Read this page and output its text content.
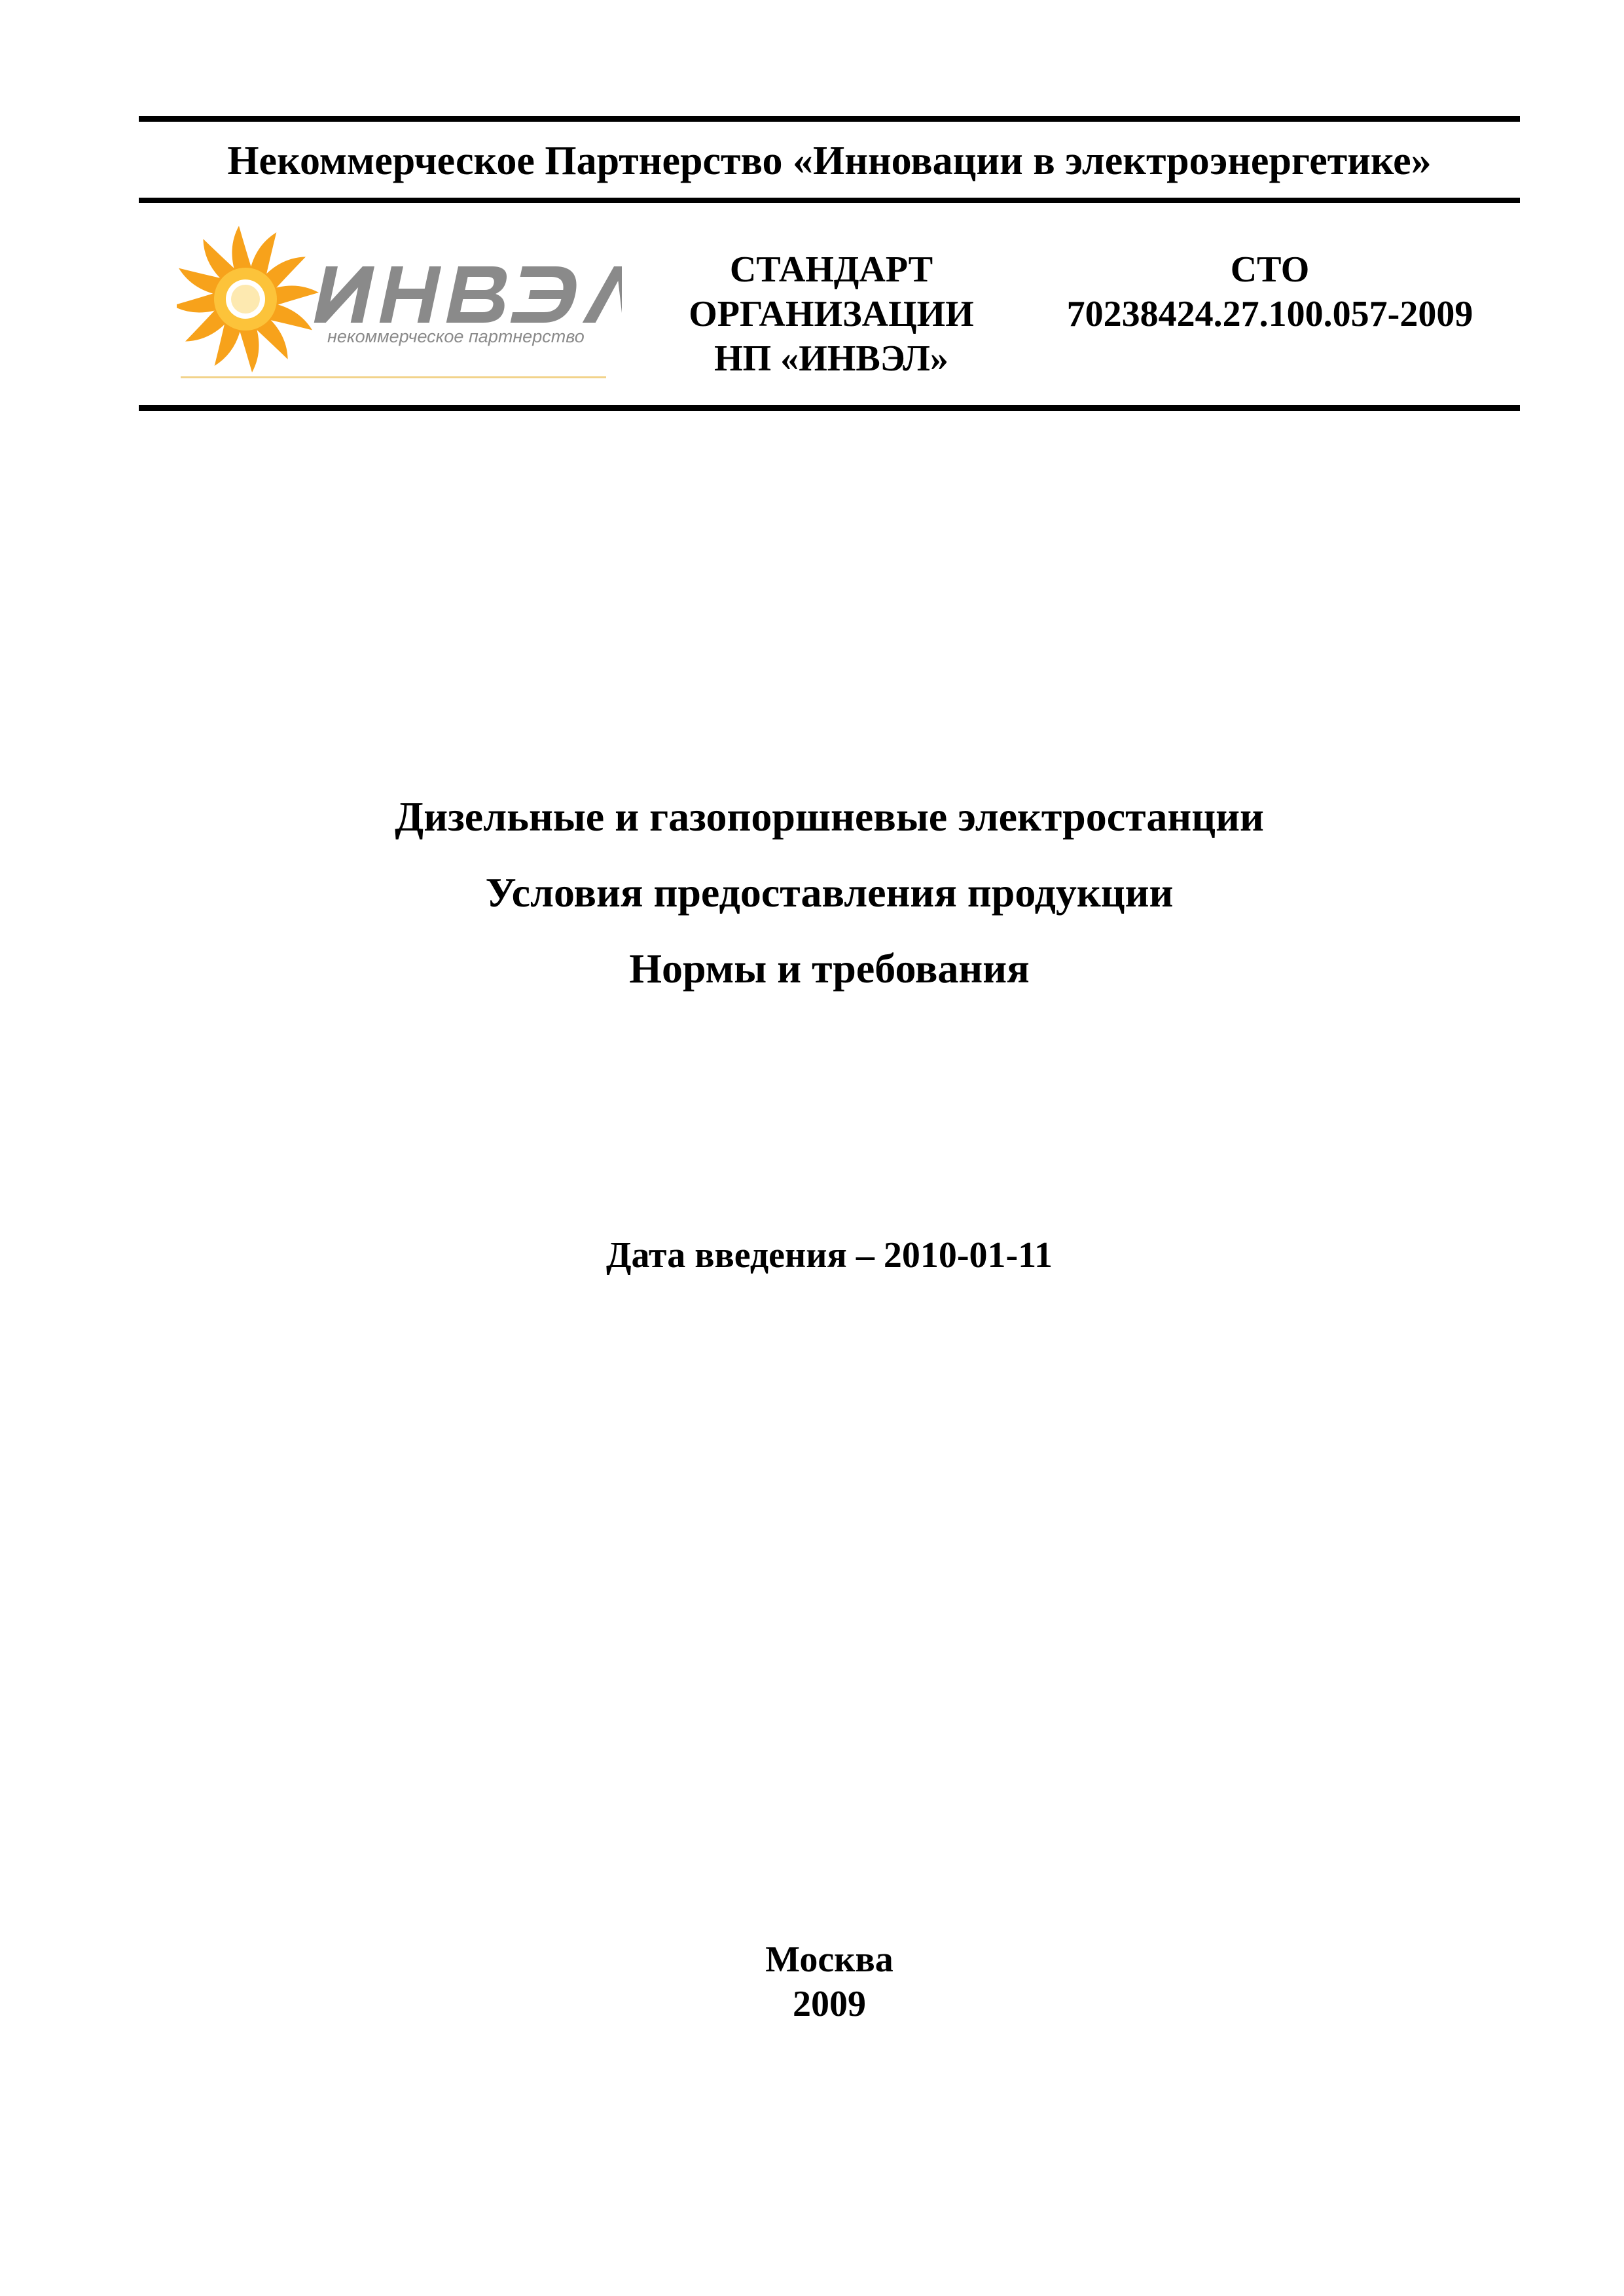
Некоммерческое Партнерство «Инновации в электроэнергетике»
некоммерческое партнерство
СТАНДАРТ
ОРГАНИЗАЦИИ
НП «ИНВЭЛ»
СТО
70238424.27.100.057-2009
Дизельные и газопоршневые электростанции
Условия предоставления продукции
Нормы и требования
Дата введения – 2010-01-11
Москва
2009
